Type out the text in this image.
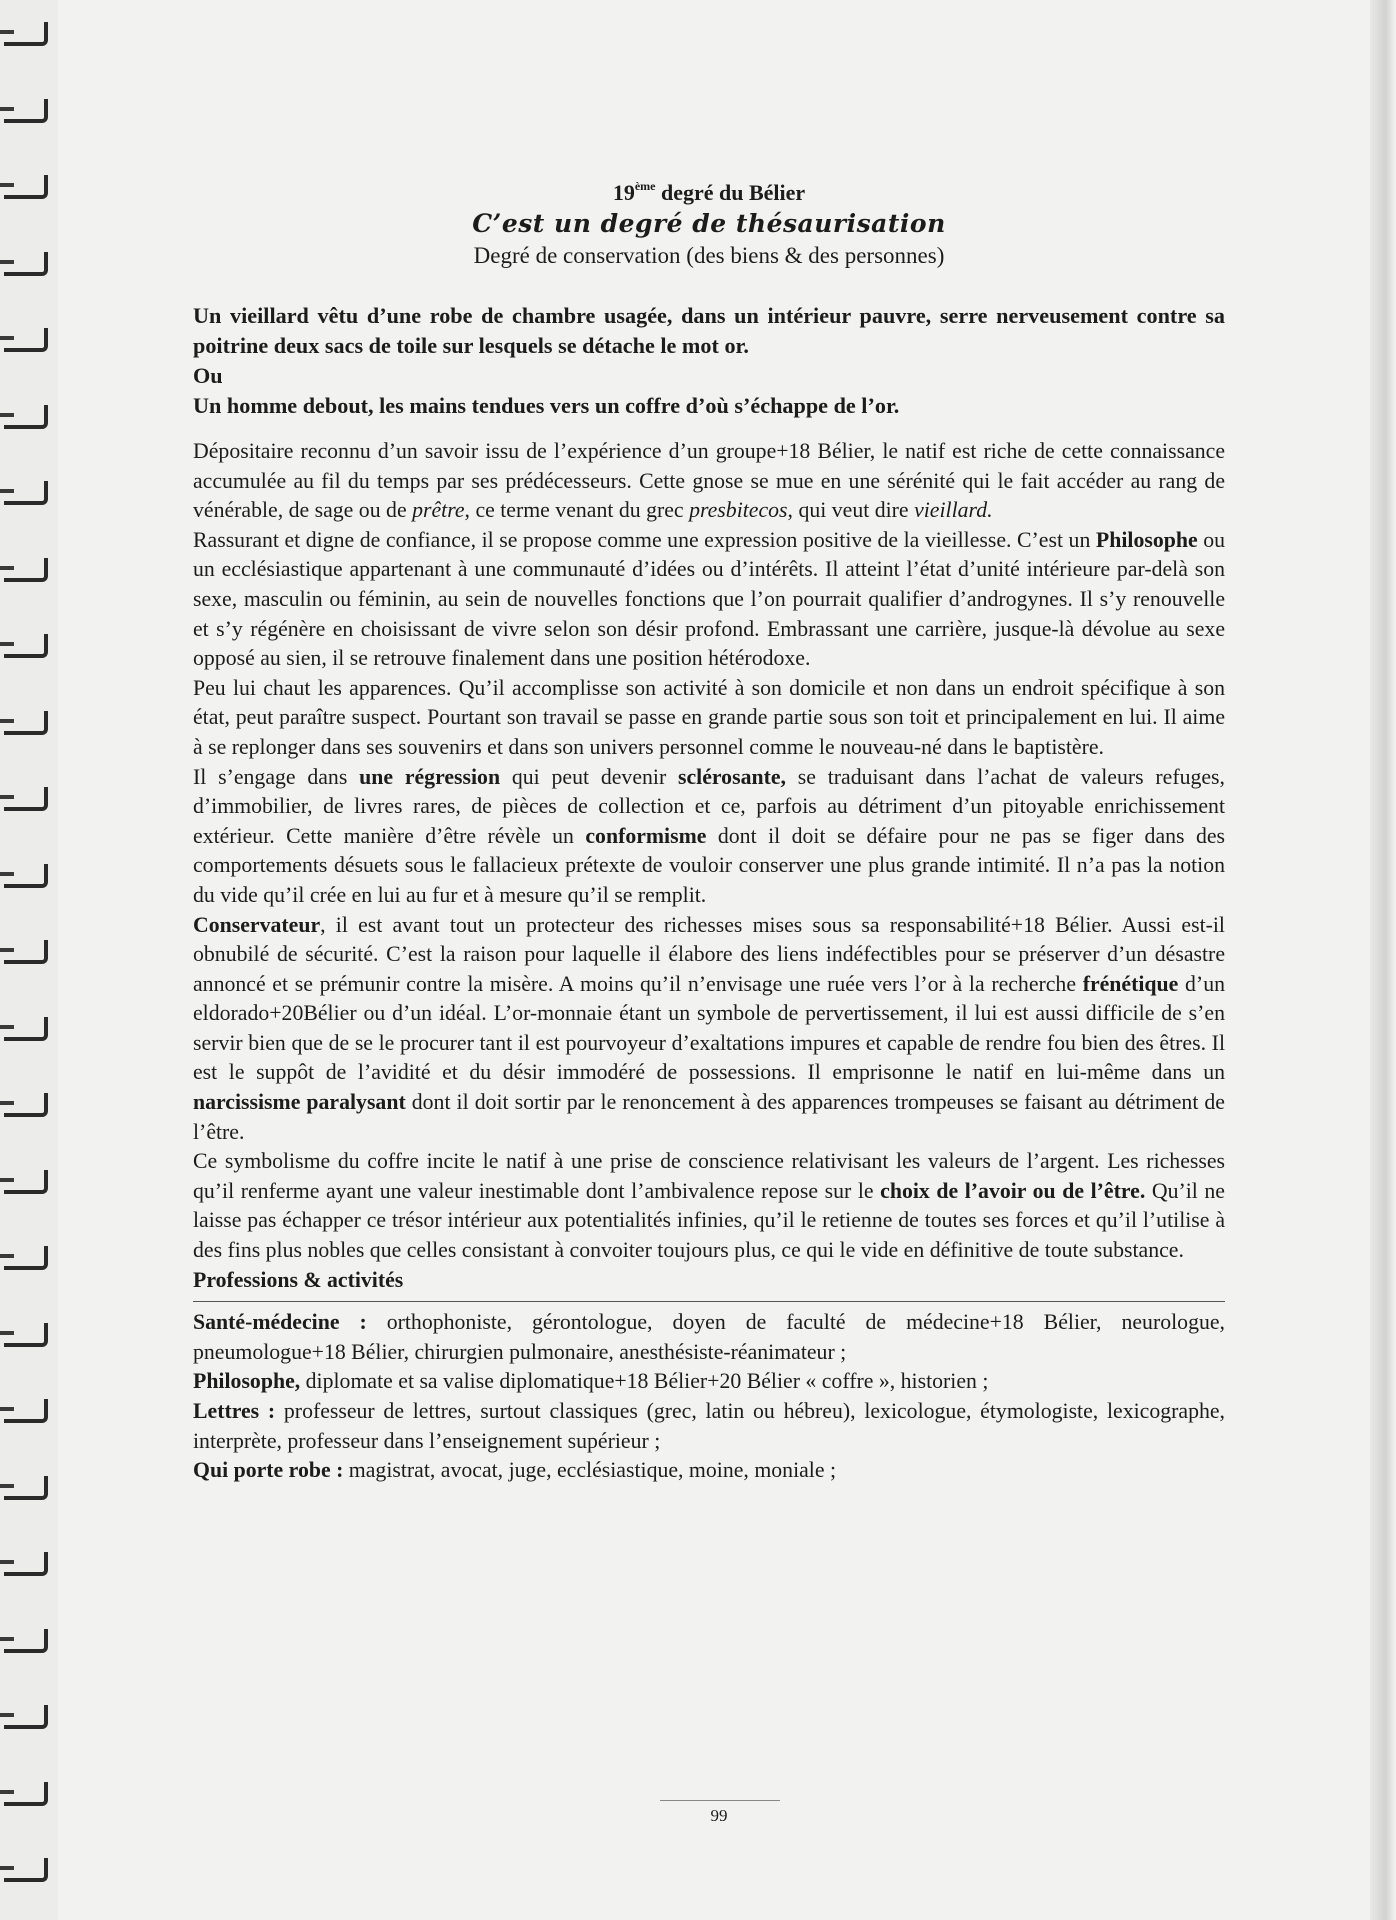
19ème degré du Bélier
C’est un degré de thésaurisation
Degré de conservation (des biens & des personnes)

Un vieillard vêtu d’une robe de chambre usagée, dans un intérieur pauvre, serre nerveusement contre sa poitrine deux sacs de toile sur lesquels se détache le mot or.

Ou

Un homme debout, les mains tendues vers un coffre d’où s’échappe de l’or.

Dépositaire reconnu d’un savoir issu de l’expérience d’un groupe+18 Bélier, le natif est riche de cette connaissance accumulée au fil du temps par ses prédécesseurs. Cette gnose se mue en une sérénité qui le fait accéder au rang de vénérable, de sage ou de prêtre, ce terme venant du grec presbitecos, qui veut dire vieillard.

Rassurant et digne de confiance, il se propose comme une expression positive de la vieillesse. C’est un Philosophe ou un ecclésiastique appartenant à une communauté d’idées ou d’intérêts. Il atteint l’état d’unité intérieure par-delà son sexe, masculin ou féminin, au sein de nouvelles fonctions que l’on pourrait qualifier d’androgynes. Il s’y renouvelle et s’y régénère en choisissant de vivre selon son désir profond. Embrassant une carrière, jusque-là dévolue au sexe opposé au sien, il se retrouve finalement dans une position hétérodoxe.

Peu lui chaut les apparences. Qu’il accomplisse son activité à son domicile et non dans un endroit spécifique à son état, peut paraître suspect. Pourtant son travail se passe en grande partie sous son toit et principalement en lui. Il aime à se replonger dans ses souvenirs et dans son univers personnel comme le nouveau-né dans le baptistère.

Il s’engage dans une régression qui peut devenir sclérosante, se traduisant dans l’achat de valeurs refuges, d’immobilier, de livres rares, de pièces de collection et ce, parfois au détriment d’un pitoyable enrichissement extérieur. Cette manière d’être révèle un conformisme dont il doit se défaire pour ne pas se figer dans des comportements désuets sous le fallacieux prétexte de vouloir conserver une plus grande intimité. Il n’a pas la notion du vide qu’il crée en lui au fur et à mesure qu’il se remplit.

Conservateur, il est avant tout un protecteur des richesses mises sous sa responsabilité+18 Bélier. Aussi est-il obnubilé de sécurité. C’est la raison pour laquelle il élabore des liens indéfectibles pour se préserver d’un désastre annoncé et se prémunir contre la misère. A moins qu’il n’envisage une ruée vers l’or à la recherche frénétique d’un eldorado+20Bélier ou d’un idéal. L’or-monnaie étant un symbole de pervertissement, il lui est aussi difficile de s’en servir bien que de se le procurer tant il est pourvoyeur d’exaltations impures et capable de rendre fou bien des êtres. Il est le suppôt de l’avidité et du désir immodéré de possessions. Il emprisonne le natif en lui-même dans un narcissisme paralysant dont il doit sortir par le renoncement à des apparences trompeuses se faisant au détriment de l’être.

Ce symbolisme du coffre incite le natif à une prise de conscience relativisant les valeurs de l’argent. Les richesses qu’il renferme ayant une valeur inestimable dont l’ambivalence repose sur le choix de l’avoir ou de l’être. Qu’il ne laisse pas échapper ce trésor intérieur aux potentialités infinies, qu’il le retienne de toutes ses forces et qu’il l’utilise à des fins plus nobles que celles consistant à convoiter toujours plus, ce qui le vide en définitive de toute substance.

Professions & activités

Santé-médecine : orthophoniste, gérontologue, doyen de faculté de médecine+18 Bélier, neurologue, pneumologue+18 Bélier, chirurgien pulmonaire, anesthésiste-réanimateur ;

Philosophe, diplomate et sa valise diplomatique+18 Bélier+20 Bélier « coffre », historien ;

Lettres : professeur de lettres, surtout classiques (grec, latin ou hébreu), lexicologue, étymologiste, lexicographe, interprète, professeur dans l’enseignement supérieur ;

Qui porte robe : magistrat, avocat, juge, ecclésiastique, moine, moniale ;

99
